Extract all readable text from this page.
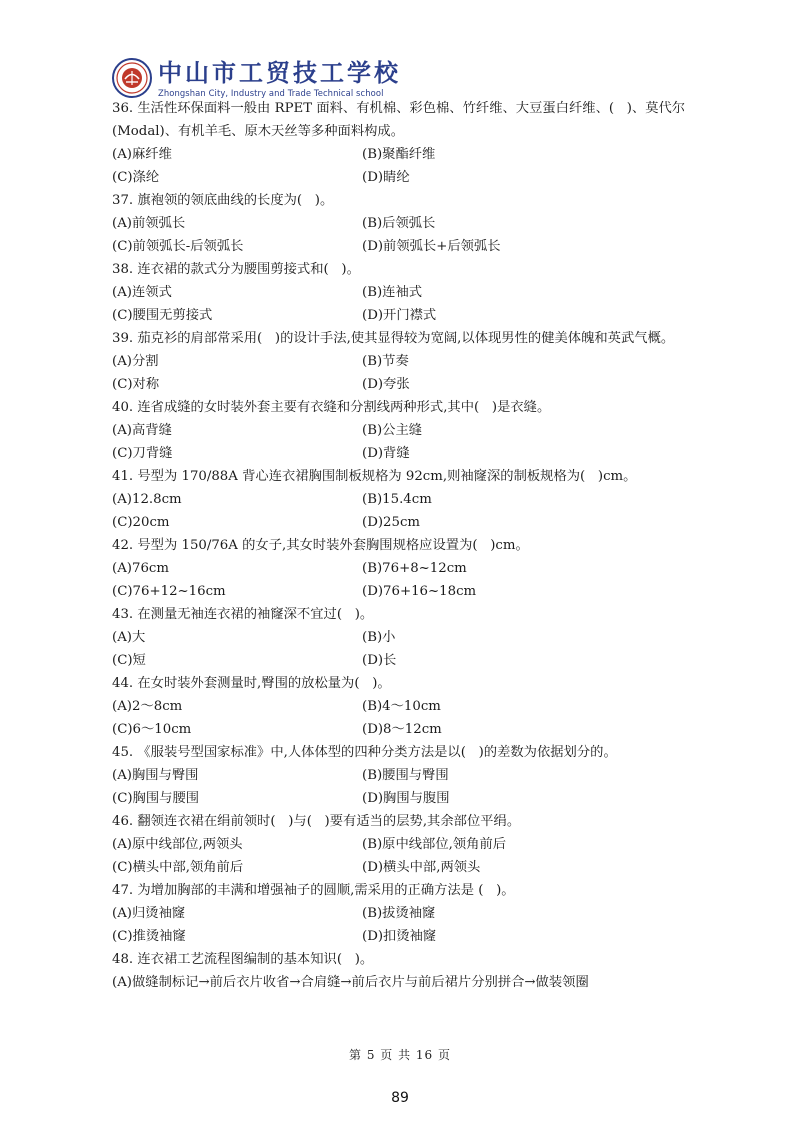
中山市工贸技工学校
Zhongshan City, Industry and Trade Technical school
36. 生活性环保面料一般由 RPET 面料、有机棉、彩色棉、竹纤维、大豆蛋白纤维、(   )、莫代尔(Modal)、有机羊毛、原木天丝等多种面料构成。
(A)麻纤维	(B)聚酯纤维
(C)涤纶	(D)睛纶
37. 旗袍领的领底曲线的长度为(   )。
(A)前领弧长	(B)后领弧长
(C)前领弧长-后领弧长	(D)前领弧长+后领弧长
38. 连衣裙的款式分为腰围剪接式和(   )。
(A)连领式	(B)连袖式
(C)腰围无剪接式	(D)开门襟式
39. 茄克衫的肩部常采用(   )的设计手法,使其显得较为宽阔,以体现男性的健美体魄和英武气概。
(A)分割	(B)节奏
(C)对称	(D)夸张
40. 连省成缝的女时装外套主要有衣缝和分割线两种形式,其中(   )是衣缝。
(A)高背缝	(B)公主缝
(C)刀背缝	(D)背缝
41. 号型为 170/88A 背心连衣裙胸围制板规格为 92cm,则袖窿深的制板规格为(   )cm。
(A)12.8cm	(B)15.4cm
(C)20cm	(D)25cm
42. 号型为 150/76A 的女子,其女时装外套胸围规格应设置为(   )cm。
(A)76cm	(B)76+8~12cm
(C)76+12~16cm	(D)76+16~18cm
43. 在测量无袖连衣裙的袖窿深不宜过(   )。
(A)大	(B)小
(C)短	(D)长
44. 在女时装外套测量时,臀围的放松量为(   )。
(A)2～8cm	(B)4～10cm
(C)6～10cm	(D)8～12cm
45. 《服装号型国家标准》中,人体体型的四种分类方法是以(   )的差数为依据划分的。
(A)胸围与臀围	(B)腰围与臀围
(C)胸围与腰围	(D)胸围与腹围
46. 翻领连衣裙在绢前领时(   )与(   )要有适当的层势,其余部位平绢。
(A)原中线部位,两领头	(B)原中线部位,领角前后
(C)横头中部,领角前后	(D)横头中部,两领头
47. 为增加胸部的丰满和增强袖子的圆顺,需采用的正确方法是 (   )。
(A)归烫袖窿	(B)拔烫袖窿
(C)推烫袖窿	(D)扣烫袖窿
48. 连衣裙工艺流程图编制的基本知识(   )。
(A)做缝制标记→前后衣片收省→合肩缝→前后衣片与前后裙片分别拼合→做装领圈
第 5 页 共 16 页
89
